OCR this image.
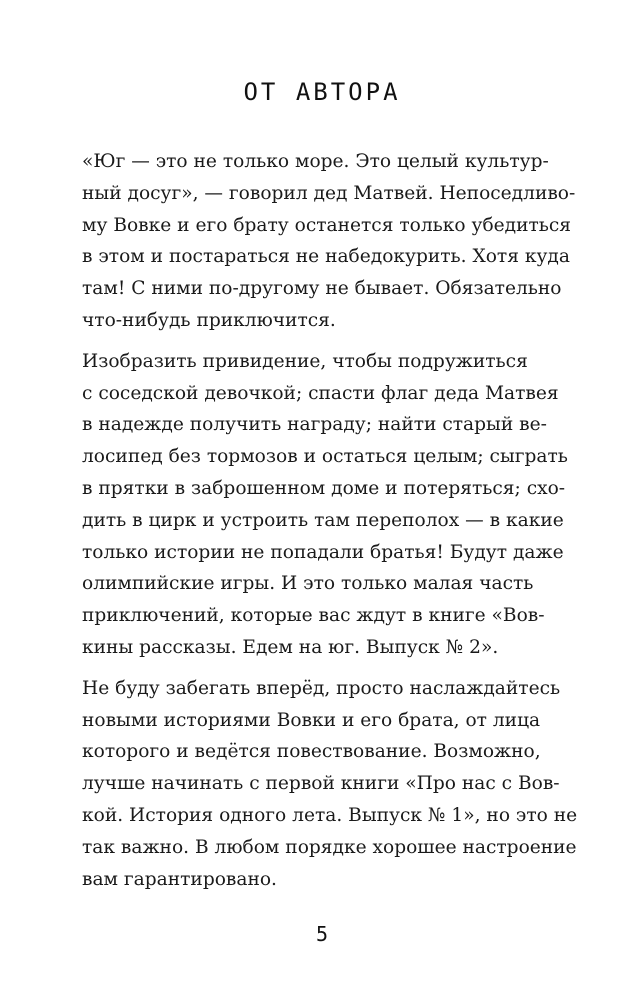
ОТ АВТОРА
«Юг — это не только море. Это целый культур-
ный досуг», — говорил дед Матвей. Непоседливо-
му Вовке и его брату останется только убедиться
в этом и постараться не набедокурить. Хотя куда
там! С ними по-другому не бывает. Обязательно
что-нибудь приключится.
Изобразить привидение, чтобы подружиться
с соседской девочкой; спасти флаг деда Матвея
в надежде получить награду; найти старый ве-
лосипед без тормозов и остаться целым; сыграть
в прятки в заброшенном доме и потеряться; схо-
дить в цирк и устроить там переполох — в какие
только истории не попадали братья! Будут даже
олимпийские игры. И это только малая часть
приключений, которые вас ждут в книге «Вов-
кины рассказы. Едем на юг. Выпуск № 2».
Не буду забегать вперёд, просто наслаждайтесь
новыми историями Вовки и его брата, от лица
которого и ведётся повествование. Возможно,
лучше начинать с первой книги «Про нас с Вов-
кой. История одного лета. Выпуск № 1», но это не
так важно. В любом порядке хорошее настроение
вам гарантировано.
5
